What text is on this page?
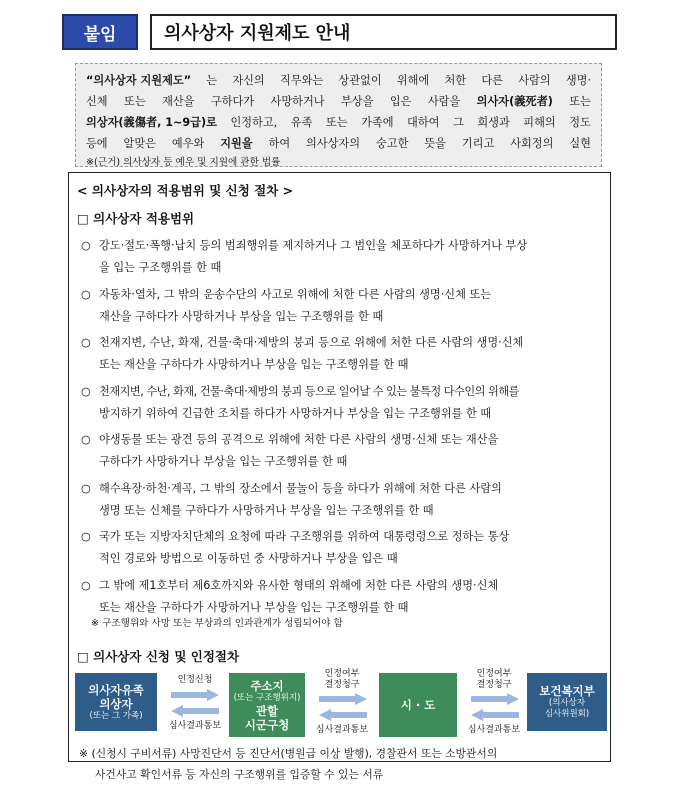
붙임	의사상자 지원제도 안내
“의사상자 지원제도” 는 자신의 직무와는 상관없이 위해에 처한 다른 사람의 생명·
신체 또는 재산을 구하다가 사망하거나 부상을 입은 사람을 의사자(義死者) 또는
의상자(義傷者, 1~9급)로 인정하고, 유족 또는 가족에 대하여 그 희생과 피해의 정도
등에 알맞은 예우와 지원을 하여 의사상자의 숭고한 뜻을 기리고 사회정의 실현
※(근거) 의사상자 등 예우 및 지원에 관한 법률
< 의사상자의 적용범위 및 신청 절차 >
□ 의사상자 적용범위
○ 강도·절도·폭행·납치 등의 범죄행위를 제지하거나 그 범인을 체포하다가 사망하거나 부상
을 입는 구조행위를 한 때
○ 자동차·열차, 그 밖의 운송수단의 사고로 위해에 처한 다른 사람의 생명·신체 또는
재산을 구하다가 사망하거나 부상을 입는 구조행위를 한 때
○ 천재지변, 수난, 화재, 건물·축대·제방의 붕괴 등으로 위해에 처한 다른 사람의 생명·신체
또는 재산을 구하다가 사망하거나 부상을 입는 구조행위를 한 때
○ 천재지변, 수난, 화재, 건물·축대·제방의 붕괴 등으로 일어날 수 있는 불특정 다수인의 위해를
방지하기 위하여 긴급한 조치를 하다가 사망하거나 부상을 입는 구조행위를 한 때
○ 야생동물 또는 광견 등의 공격으로 위해에 처한 다른 사람의 생명·신체 또는 재산을
구하다가 사망하거나 부상을 입는 구조행위를 한 때
○ 해수욕장·하천·계곡, 그 밖의 장소에서 물놀이 등을 하다가 위해에 처한 다른 사람의
생명 또는 신체를 구하다가 사망하거나 부상을 입는 구조행위를 한 때
○ 국가 또는 지방자치단체의 요청에 따라 구조행위를 위하여 대통령령으로 정하는 통상
적인 경로와 방법으로 이동하던 중 사망하거나 부상을 입은 때
○ 그 밖에 제1호부터 제6호까지와 유사한 형태의 위해에 처한 다른 사람의 생명·신체
또는 재산을 구하다가 사망하거나 부상을 입는 구조행위를 한 때
※ 구조행위와 사망 또는 부상과의 인과관계가 성립되어야 함
□ 의사상자 신청 및 인정절차
의사자유족
의상자
(또는 그 가족)
인정신청
심사결과통보
주소지
(또는 구조행위지)
관할
시군구청
인정여부
결정청구
심사결과통보
시 · 도
인정여부
결정청구
심사결과통보
보건복지부
(의사상자
심사위원회)
※ (신청시 구비서류) 사망진단서 등 진단서(병원급 이상 발행), 경찰관서 또는 소방관서의
사건사고 확인서류 등 자신의 구조행위를 입증할 수 있는 서류
